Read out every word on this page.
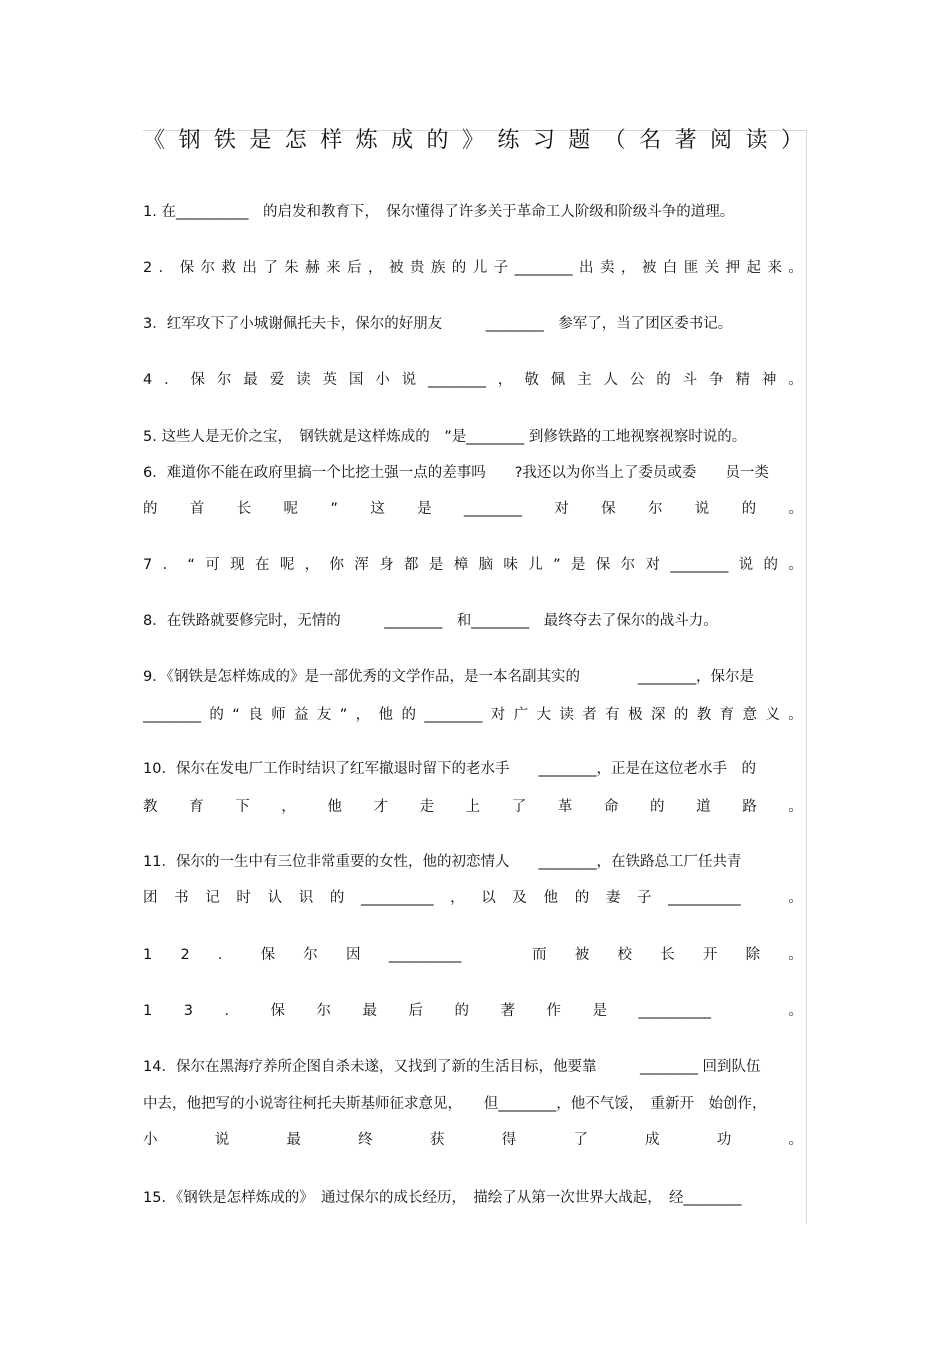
《 钢 铁 是 怎 样 炼 成 的 》 练 习 题 （ 名 著 阅 读 ）
1. 在__________　的启发和教育下，　保尔懂得了许多关于革命工人阶级和阶级斗争的道理。
2 ． 保 尔 救 出 了 朱 赫 来 后 ， 被 贵 族 的 儿 子 ________ 出 卖 ， 被 白 匪 关 押 起 来 。
3．红军攻下了小城谢佩托夫卡，保尔的好朋友　　　________　参军了，当了团区委书记。
4 ． 保 尔 最 爱 读 英 国 小 说 ________ ， 敬 佩 主 人 公 的 斗 争 精 神 。
5. 这些人是无价之宝，　钢铁就是这样炼成的　”是________ 到修铁路的工地视察视察时说的。
6．难道你不能在政府里搞一个比挖土强一点的差事吗　　?我还以为你当上了委员或委　　员一类
的 首 长 呢 ” 这 是 ________ 对 保 尔 说 的 。
7 ． “ 可 现 在 呢 ， 你 浑 身 都 是 樟 脑 味 儿 ” 是 保 尔 对 ________ 说 的 。
8．在铁路就要修完时，无情的　　　________　和________　最终夺去了保尔的战斗力。
9．《钢铁是怎样炼成的》是一部优秀的文学作品，是一本名副其实的　　　　________，保尔是
________ 的 “ 良 师 益 友 ” ， 他 的 ________ 对 广 大 读 者 有 极 深 的 教 育 意 义 。
10．保尔在发电厂工作时结识了红军撤退时留下的老水手　　________，正是在这位老水手　的
教 育 下 ， 他 才 走 上 了 革 命 的 道 路 。
11．保尔的一生中有三位非常重要的女性，他的初恋情人　　________，在铁路总工厂任共青
团 书 记 时 认 识 的 __________ ， 以 及 他 的 妻 子 __________
　	。
1 2 ． 保 尔 因 __________
　	而 被 校 长 开 除 。
1 3 ． 保 尔 最 后 的 著 作 是 __________
　	。
14．保尔在黑海疗养所企图自杀未遂，又找到了新的生活目标，他要靠　　　________ 回到队伍
中去，他把写的小说寄往柯托夫斯基师征求意见，　　但________，他不气馁，　重新开　始创作，
小	说	最	终	获	得	了	成	功	。
15．《钢铁是怎样炼成的》　通过保尔的成长经历，　描绘了从第一次世界大战起，　经________
